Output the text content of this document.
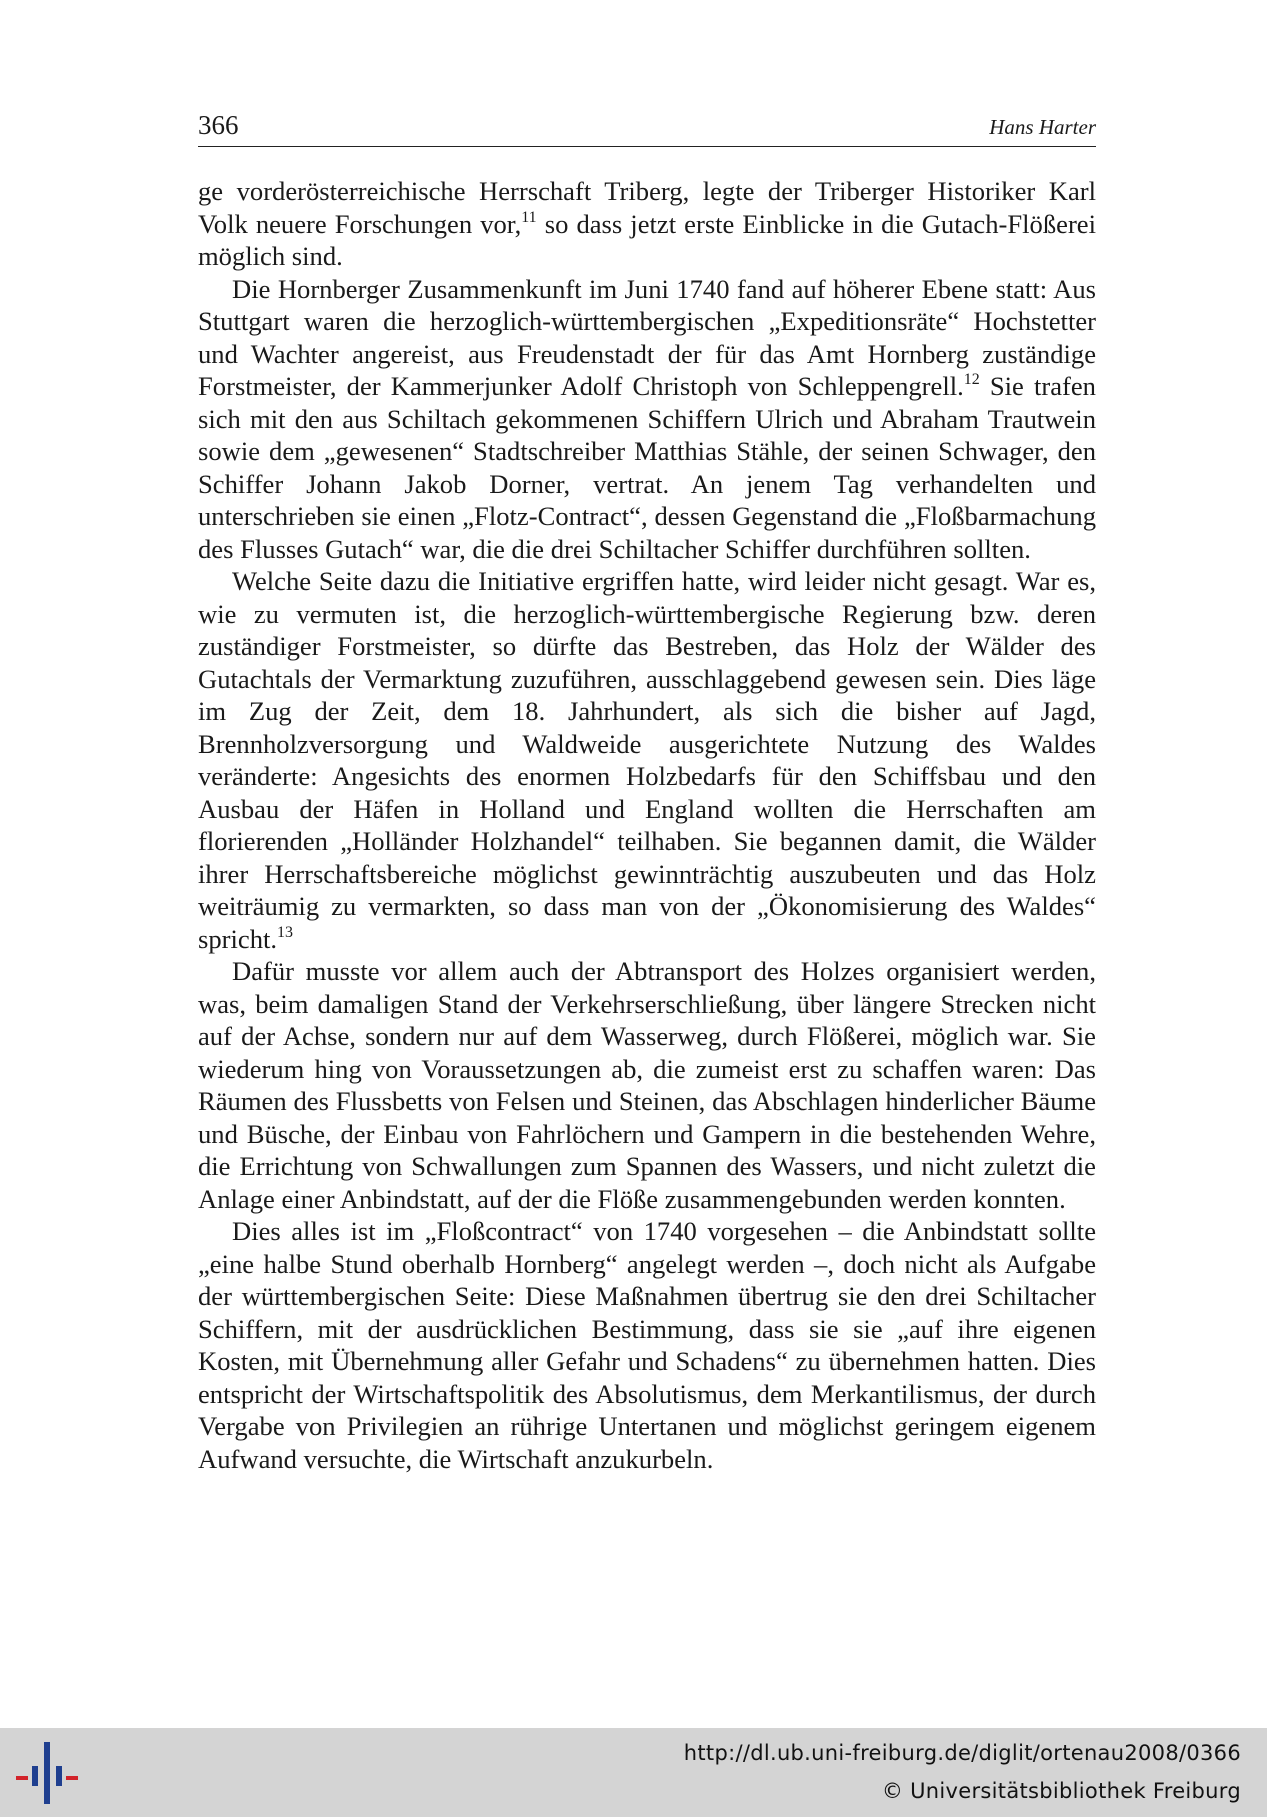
366	Hans Harter

ge vorderösterreichische Herrschaft Triberg, legte der Triberger Historiker Karl Volk neuere Forschungen vor,$^{11}$ so dass jetzt erste Einblicke in die Gutach-Flößerei möglich sind.

Die Hornberger Zusammenkunft im Juni 1740 fand auf höherer Ebene statt: Aus Stuttgart waren die herzoglich-württembergischen „Expeditionsräte“ Hochstetter und Wachter angereist, aus Freudenstadt der für das Amt Hornberg zuständige Forstmeister, der Kammerjunker Adolf Christoph von Schleppengrell.$^{12}$ Sie trafen sich mit den aus Schiltach gekommenen Schiffern Ulrich und Abraham Trautwein sowie dem „gewesenen“ Stadtschreiber Matthias Stähle, der seinen Schwager, den Schiffer Johann Jakob Dorner, vertrat. An jenem Tag verhandelten und unterschrieben sie einen „Flotz-Contract“, dessen Gegenstand die „Floßbarmachung des Flusses Gutach“ war, die die drei Schiltacher Schiffer durchführen sollten.

Welche Seite dazu die Initiative ergriffen hatte, wird leider nicht gesagt. War es, wie zu vermuten ist, die herzoglich-württembergische Regierung bzw. deren zuständiger Forstmeister, so dürfte das Bestreben, das Holz der Wälder des Gutachtals der Vermarktung zuzuführen, ausschlaggebend gewesen sein. Dies läge im Zug der Zeit, dem 18. Jahrhundert, als sich die bisher auf Jagd, Brennholzversorgung und Waldweide ausgerichtete Nutzung des Waldes veränderte: Angesichts des enormen Holzbedarfs für den Schiffsbau und den Ausbau der Häfen in Holland und England wollten die Herrschaften am florierenden „Holländer Holzhandel“ teilhaben. Sie begannen damit, die Wälder ihrer Herrschaftsbereiche möglichst gewinnträchtig auszubeuten und das Holz weiträumig zu vermarkten, so dass man von der „Ökonomisierung des Waldes“ spricht.$^{13}$

Dafür musste vor allem auch der Abtransport des Holzes organisiert werden, was, beim damaligen Stand der Verkehrserschließung, über längere Strecken nicht auf der Achse, sondern nur auf dem Wasserweg, durch Flößerei, möglich war. Sie wiederum hing von Voraussetzungen ab, die zumeist erst zu schaffen waren: Das Räumen des Flussbetts von Felsen und Steinen, das Abschlagen hinderlicher Bäume und Büsche, der Einbau von Fahrlöchern und Gampern in die bestehenden Wehre, die Errichtung von Schwallungen zum Spannen des Wassers, und nicht zuletzt die Anlage einer Anbindstatt, auf der die Flöße zusammengebunden werden konnten.

Dies alles ist im „Floßcontract“ von 1740 vorgesehen – die Anbindstatt sollte „eine halbe Stund oberhalb Hornberg“ angelegt werden –, doch nicht als Aufgabe der württembergischen Seite: Diese Maßnahmen übertrug sie den drei Schiltacher Schiffern, mit der ausdrücklichen Bestimmung, dass sie sie „auf ihre eigenen Kosten, mit Übernehmung aller Gefahr und Schadens“ zu übernehmen hatten. Dies entspricht der Wirtschaftspolitik des Absolutismus, dem Merkantilismus, der durch Vergabe von Privilegien an rührige Untertanen und möglichst geringem eigenem Aufwand versuchte, die Wirtschaft anzukurbeln.

http://dl.ub.uni-freiburg.de/diglit/ortenau2008/0366
© Universitätsbibliothek Freiburg
